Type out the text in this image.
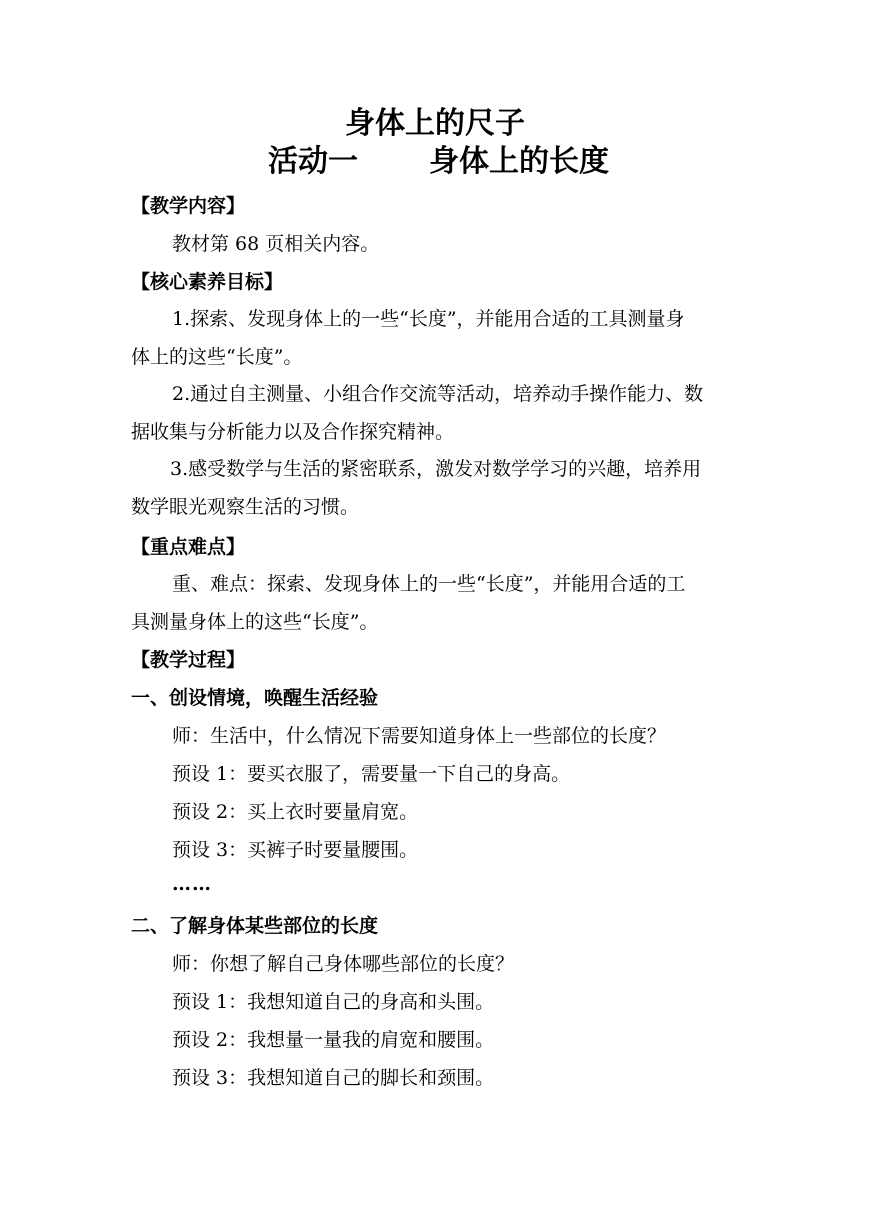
身体上的尺子
活动一 身体上的长度
【教学内容】
教材第 68 页相关内容。
【核心素养目标】
1.探索、发现身体上的一些“长度”，并能用合适的工具测量身
体上的这些“长度”。
2.通过自主测量、小组合作交流等活动，培养动手操作能力、数
据收集与分析能力以及合作探究精神。
3.感受数学与生活的紧密联系，激发对数学学习的兴趣，培养用
数学眼光观察生活的习惯。
【重点难点】
重、难点：探索、发现身体上的一些“长度”，并能用合适的工
具测量身体上的这些“长度”。
【教学过程】
一、创设情境，唤醒生活经验
师：生活中，什么情况下需要知道身体上一些部位的长度？
预设 1：要买衣服了，需要量一下自己的身高。
预设 2：买上衣时要量肩宽。
预设 3：买裤子时要量腰围。
……
二、了解身体某些部位的长度
师：你想了解自己身体哪些部位的长度？
预设 1：我想知道自己的身高和头围。
预设 2：我想量一量我的肩宽和腰围。
预设 3：我想知道自己的脚长和颈围。
